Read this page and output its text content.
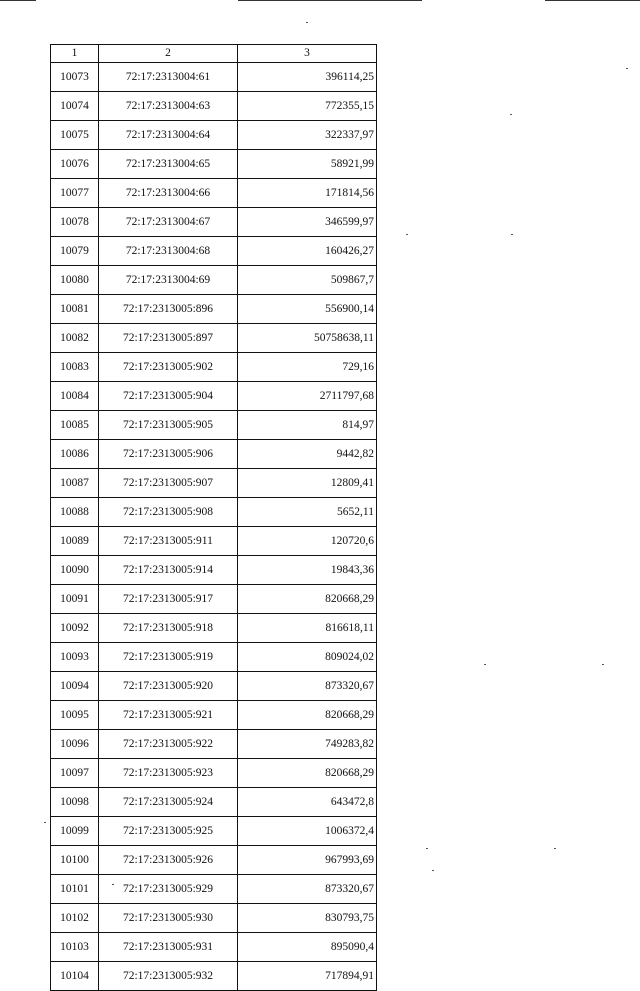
1	2	3
10073	72:17:2313004:61	396114,25
10074	72:17:2313004:63	772355,15
10075	72:17:2313004:64	322337,97
10076	72:17:2313004:65	58921,99
10077	72:17:2313004:66	171814,56
10078	72:17:2313004:67	346599,97
10079	72:17:2313004:68	160426,27
10080	72:17:2313004:69	509867,7
10081	72:17:2313005:896	556900,14
10082	72:17:2313005:897	50758638,11
10083	72:17:2313005:902	729,16
10084	72:17:2313005:904	2711797,68
10085	72:17:2313005:905	814,97
10086	72:17:2313005:906	9442,82
10087	72:17:2313005:907	12809,41
10088	72:17:2313005:908	5652,11
10089	72:17:2313005:911	120720,6
10090	72:17:2313005:914	19843,36
10091	72:17:2313005:917	820668,29
10092	72:17:2313005:918	816618,11
10093	72:17:2313005:919	809024,02
10094	72:17:2313005:920	873320,67
10095	72:17:2313005:921	820668,29
10096	72:17:2313005:922	749283,82
10097	72:17:2313005:923	820668,29
10098	72:17:2313005:924	643472,8
10099	72:17:2313005:925	1006372,4
10100	72:17:2313005:926	967993,69
10101	72:17:2313005:929	873320,67
10102	72:17:2313005:930	830793,75
10103	72:17:2313005:931	895090,4
10104	72:17:2313005:932	717894,91
